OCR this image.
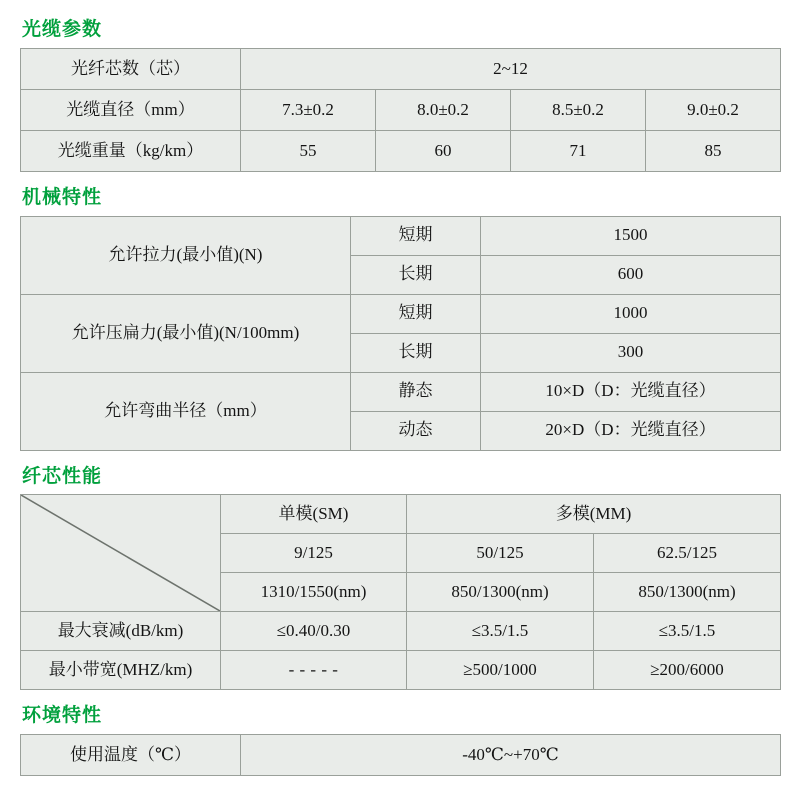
光缆参数
光纤芯数（芯）	2~12			
光缆直径（mm）	7.3±0.2	8.0±0.2	8.5±0.2	9.0±0.2
光缆重量（kg/km）	55	60	71	85
机械特性
允许拉力(最小值)(N)	短期	1500
	长期	600
允许压扁力(最小值)(N/100mm)	短期	1000
	长期	300
允许弯曲半径（mm）	静态	10×D（D：光缆直径）
	动态	20×D（D：光缆直径）
纤芯性能
	单模(SM)	多模(MM)	
	9/125	50/125	62.5/125
	1310/1550(nm)	850/1300(nm)	850/1300(nm)
最大衰减(dB/km)	≤0.40/0.30	≤3.5/1.5	≤3.5/1.5
最小带宽(MHZ/km)	- - - - -	≥500/1000	≥200/6000
环境特性
使用温度（℃）	-40℃~+70℃
